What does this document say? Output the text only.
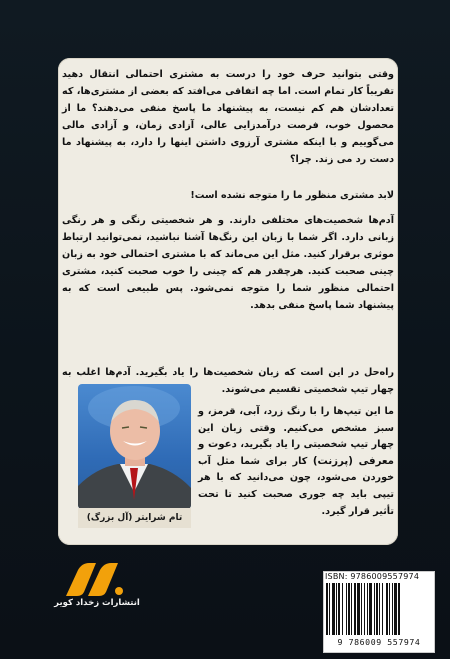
وقتی بتوانید حرف خود را درست به مشتری احتمالی انتقال دهید تقریباً کار تمام است. اما چه اتفاقی می‌افتد که بعضی از مشتری‌ها، که تعدادشان هم کم نیست، به پیشنهاد ما پاسخ منفی می‌دهند؟ ما از محصول خوب، فرصت درآمدزایی عالی، آزادی زمان، و آزادی مالی می‌گوییم و با اینکه مشتری آرزوی داشتن اینها را دارد، به پیشنهاد ما دست رد می زند. چرا؟

لابد مشتری منظور ما را متوجه نشده است!

آدم‌ها شخصیت‌های مختلفی دارند. و هر شخصیتی رنگی و هر رنگی زبانی دارد. اگر شما با زبان این رنگ‌ها آشنا نباشید، نمی‌توانید ارتباط موثری برقرار کنید. مثل این می‌ماند که با مشتری احتمالی خود به زبان چینی صحبت کنید. هرچقدر هم که چینی را خوب صحبت کنید، مشتری احتمالی منظور شما را متوجه نمی‌شود. پس طبیعی است که به پیشنهاد شما پاسخ منفی بدهد.

راه‌حل در این است که زبان شخصیت‌ها را یاد بگیرید. آدم‌ها اغلب به چهار تیپ شخصیتی تقسیم می‌شوند.

ما این تیپ‌ها را با رنگ زرد، آبی، قرمز، و سبز مشخص می‌کنیم. وقتی زبان این چهار تیپ شخصیتی را یاد بگیرید، دعوت و معرفی (پرزنت) کار برای شما مثل آب خوردن می‌شود، چون می‌دانید که با هر تیپی باید چه جوری صحبت کنید تا تحت تأثیر قرار گیرد.

تام شرایتر (آل بزرگ)
انتشارات زخداد کویر
ISBN: 9786009557974
9 786009 557974
